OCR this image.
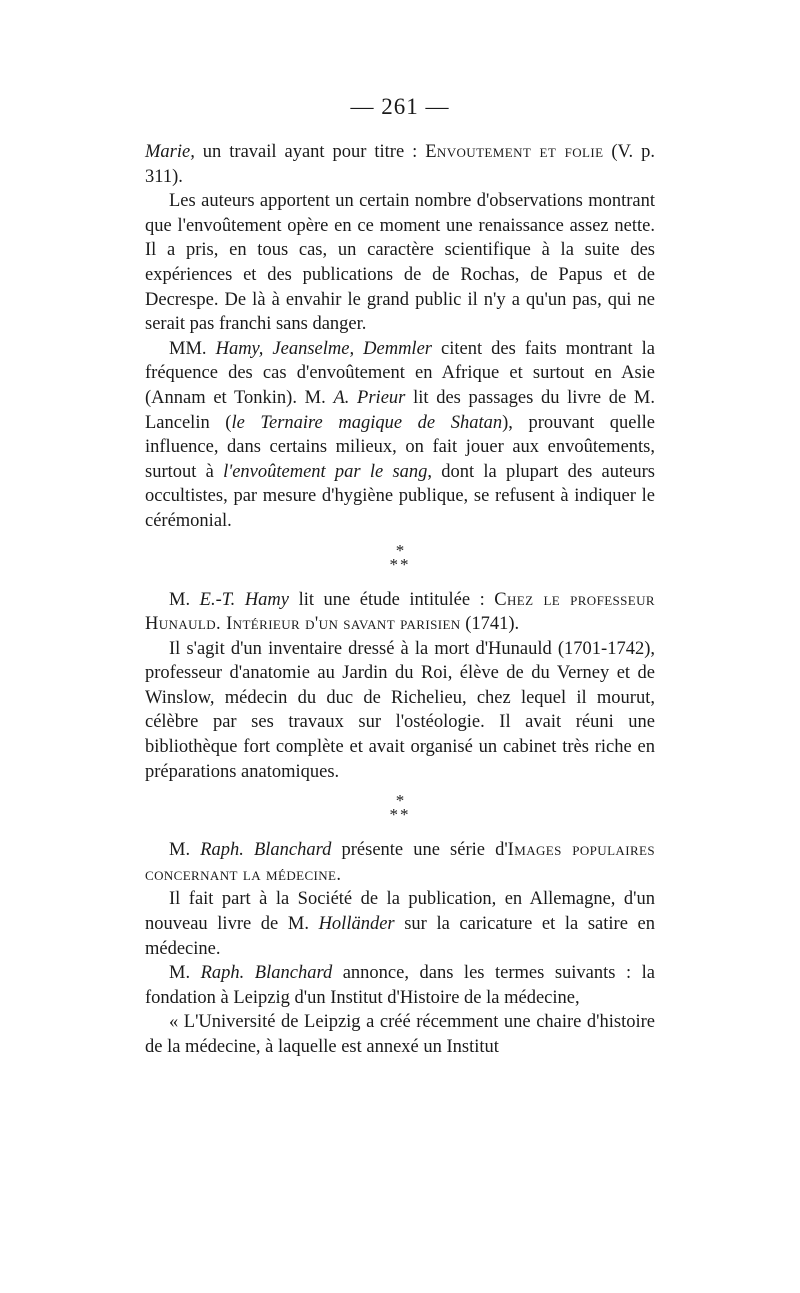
— 261 —

Marie, un travail ayant pour titre : Envoutement et folie (V. p. 311).

Les auteurs apportent un certain nombre d'observations montrant que l'envoûtement opère en ce moment une renaissance assez nette. Il a pris, en tous cas, un caractère scientifique à la suite des expériences et des publications de de Rochas, de Papus et de Decrespe. De là à envahir le grand public il n'y a qu'un pas, qui ne serait pas franchi sans danger.

MM. Hamy, Jeanselme, Demmler citent des faits montrant la fréquence des cas d'envoûtement en Afrique et surtout en Asie (Annam et Tonkin). M. A. Prieur lit des passages du livre de M. Lancelin (le Ternaire magique de Shatan), prouvant quelle influence, dans certains milieux, on fait jouer aux envoûtements, surtout à l'envoûtement par le sang, dont la plupart des auteurs occultistes, par mesure d'hygiène publique, se refusent à indiquer le cérémonial.

*
**

M. E.-T. Hamy lit une étude intitulée : Chez le professeur Hunauld. Intérieur d'un savant parisien (1741).

Il s'agit d'un inventaire dressé à la mort d'Hunauld (1701-1742), professeur d'anatomie au Jardin du Roi, élève de du Verney et de Winslow, médecin du duc de Richelieu, chez lequel il mourut, célèbre par ses travaux sur l'ostéologie. Il avait réuni une bibliothèque fort complète et avait organisé un cabinet très riche en préparations anatomiques.

*
**

M. Raph. Blanchard présente une série d'Images populaires concernant la médecine.

Il fait part à la Société de la publication, en Allemagne, d'un nouveau livre de M. Holländer sur la caricature et la satire en médecine.

M. Raph. Blanchard annonce, dans les termes suivants : la fondation à Leipzig d'un Institut d'Histoire de la médecine,

« L'Université de Leipzig a créé récemment une chaire d'histoire de la médecine, à laquelle est annexé un Institut
